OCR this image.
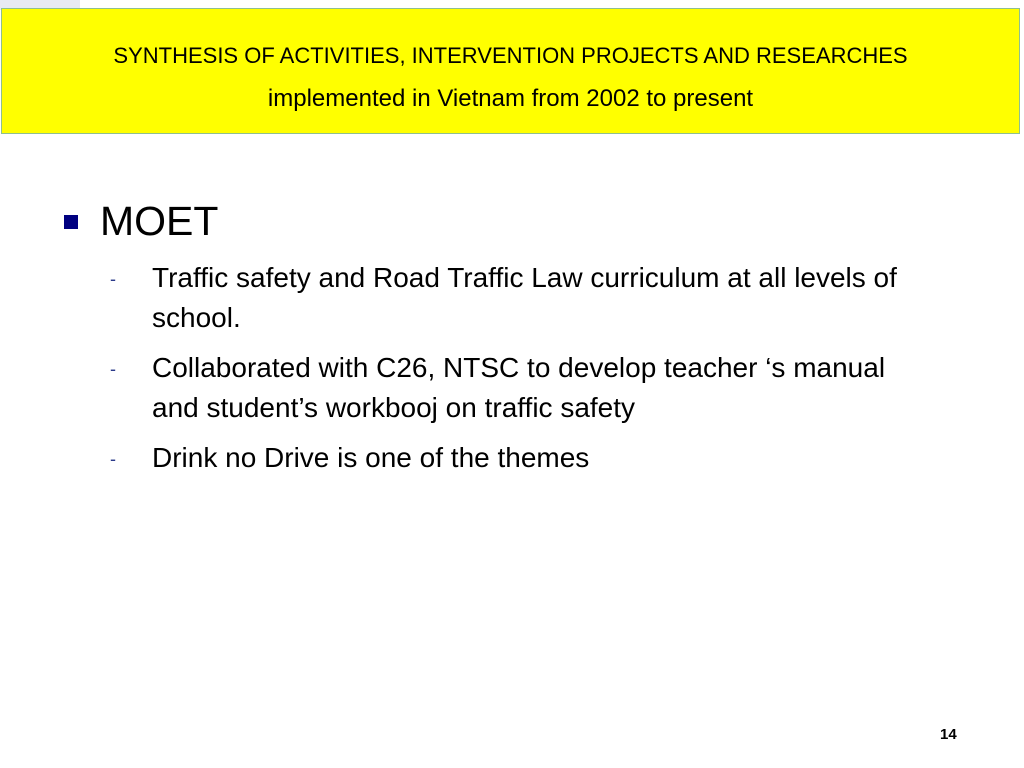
SYNTHESIS OF ACTIVITIES, INTERVENTION PROJECTS AND RESEARCHES
implemented in Vietnam from 2002 to present
MOET
- Traffic safety and Road Traffic Law curriculum at all levels of school.
- Collaborated with C26, NTSC to develop teacher ‘s manual and student’s workbooj on traffic safety
- Drink no Drive is one of the themes
14
